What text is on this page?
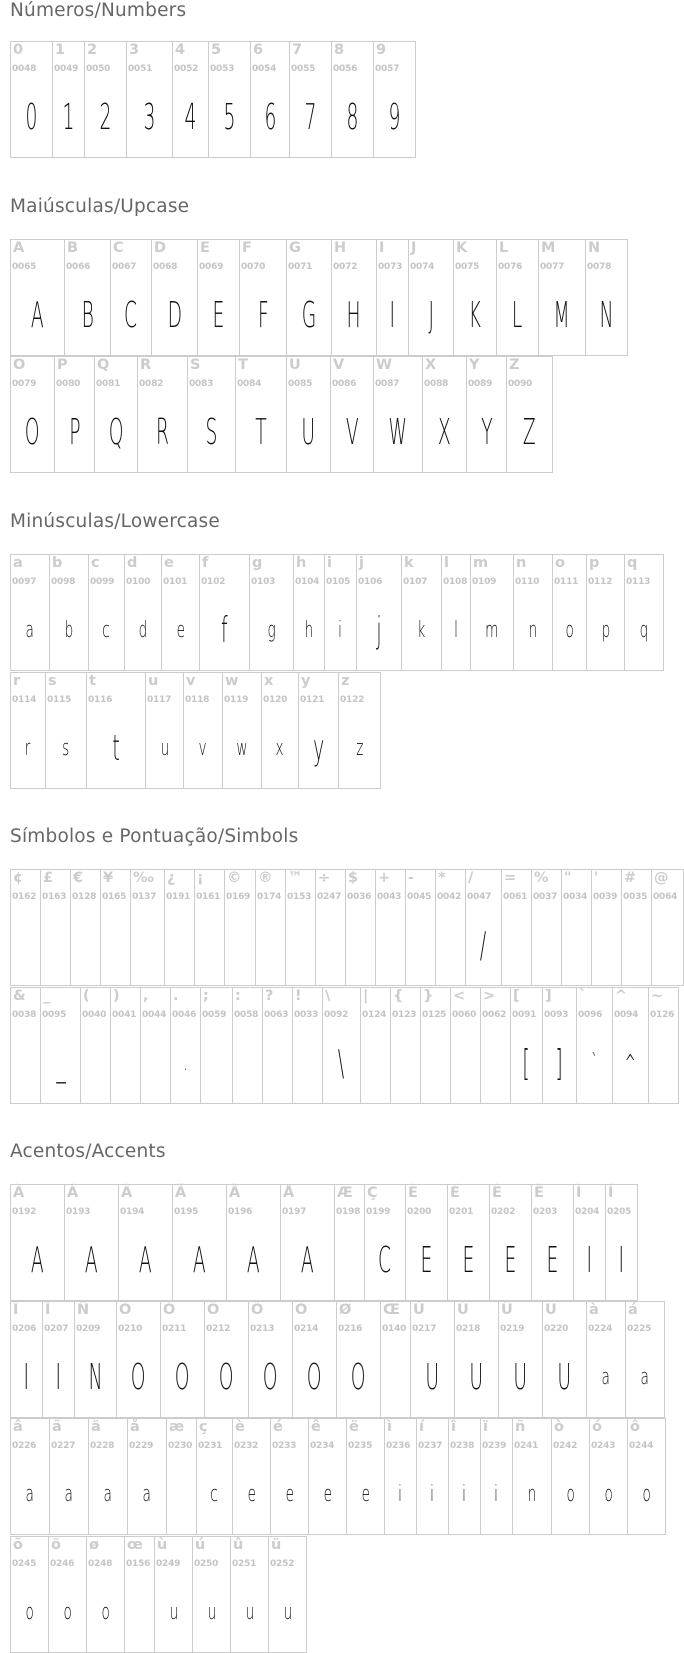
Números/Numbers
0
0048
0
1
0049
1
2
0050
2
3
0051
3
4
0052
4
5
0053
5
6
0054
6
7
0055
7
8
0056
8
9
0057
9
Maiúsculas/Upcase
A
0065
A
B
0066
B
C
0067
C
D
0068
D
E
0069
E
F
0070
F
G
0071
G
H
0072
H
I
0073
I
J
0074
J
K
0075
K
L
0076
L
M
0077
M
N
0078
N
O
0079
O
P
0080
P
Q
0081
Q
R
0082
R
S
0083
S
T
0084
T
U
0085
U
V
0086
V
W
0087
W
X
0088
X
Y
0089
Y
Z
0090
Z
Minúsculas/Lowercase
a
0097
a
b
0098
b
c
0099
c
d
0100
d
e
0101
e
f
0102
f
g
0103
g
h
0104
h
i
0105
i
j
0106
j
k
0107
k
l
0108
l
m
0109
m
n
0110
n
o
0111
o
p
0112
p
q
0113
q
r
0114
r
s
0115
s
t
0116
t
u
0117
u
v
0118
v
w
0119
w
x
0120
x
y
0121
y
z
0122
z
Símbolos e Pontuação/Simbols
¢
0162
£
0163
€
0128
¥
0165
‰
0137
¿
0191
¡
0161
©
0169
®
0174
™
0153
÷
0247
$
0036
+
0043
-
0045
*
0042
/
0047
/
=
0061
%
0037
"
0034
'
0039
#
0035
@
0064
&
0038
_
0095
_
(
0040
)
0041
,
0044
.
0046
.
;
0059
:
0058
?
0063
!
0033
\
0092
\
|
0124
{
0123
}
0125
<
0060
>
0062
[
0091
[
]
0093
]
`
0096
`
^
0094
^
~
0126
Acentos/Accents
À
0192
A
Á
0193
A
Â
0194
A
Ã
0195
A
Ä
0196
A
Å
0197
A
Æ
0198
Ç
0199
C
È
0200
E
É
0201
E
Ê
0202
E
Ë
0203
E
Ì
0204
I
Í
0205
I
Î
0206
I
Ï
0207
I
Ñ
0209
N
Ò
0210
O
Ó
0211
O
Ô
0212
O
Õ
0213
O
Ö
0214
O
Ø
0216
O
Œ
0140
Ù
0217
U
Ú
0218
U
Û
0219
U
Ü
0220
U
à
0224
a
á
0225
a
â
0226
a
ã
0227
a
ä
0228
a
å
0229
a
æ
0230
ç
0231
c
è
0232
e
é
0233
e
ê
0234
e
ë
0235
e
ì
0236
i
í
0237
i
î
0238
i
ï
0239
i
ñ
0241
n
ò
0242
o
ó
0243
o
ô
0244
o
õ
0245
o
ö
0246
o
ø
0248
o
œ
0156
ù
0249
u
ú
0250
u
û
0251
u
ü
0252
u
